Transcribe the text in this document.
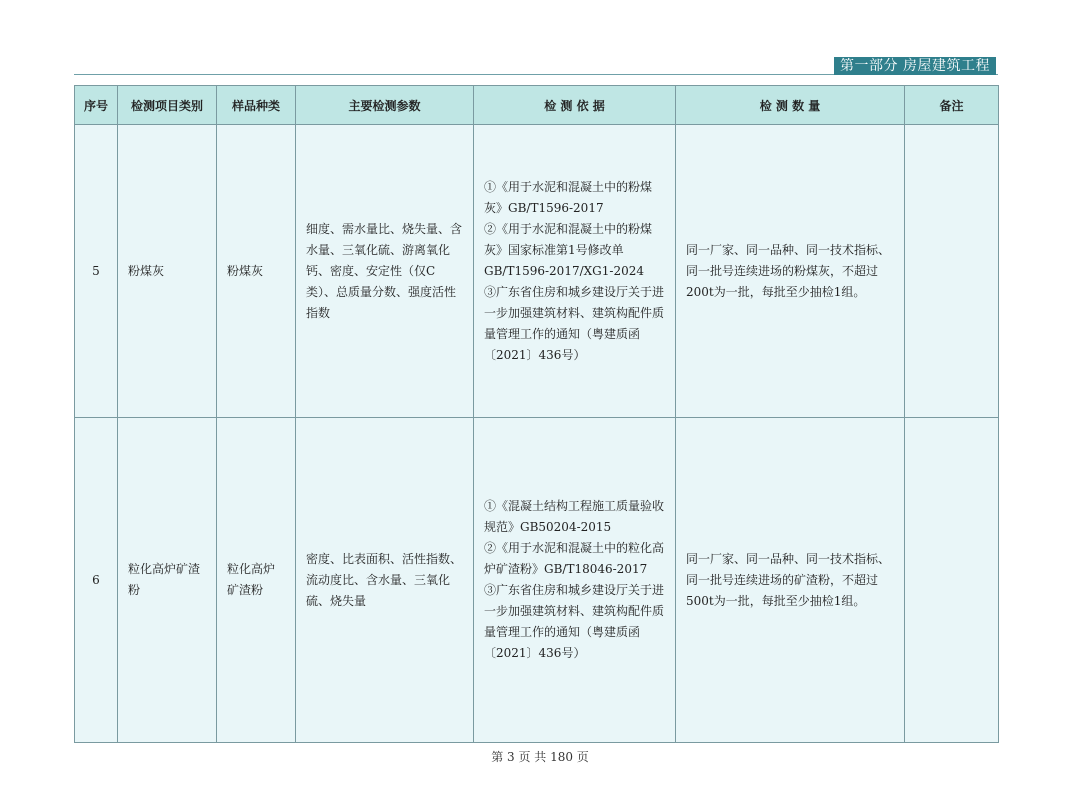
第一部分 房屋建筑工程
序号	检测项目类别	样品种类	主要检测参数	检 测 依 据	检 测 数 量	备注
5	粉煤灰	粉煤灰	细度、需水量比、烧失量、含水量、三氧化硫、游离氧化钙、密度、安定性（仅C类）、总质量分数、强度活性指数	①《用于水泥和混凝土中的粉煤灰》GB/T1596-2017
②《用于水泥和混凝土中的粉煤灰》国家标准第1号修改单GB/T1596-2017/XG1-2024
③广东省住房和城乡建设厅关于进一步加强建筑材料、建筑构配件质量管理工作的通知（粤建质函〔2021〕436号）	同一厂家、同一品种、同一技术指标、同一批号连续进场的粉煤灰，不超过200t为一批，每批至少抽检1组。	
6	粒化高炉矿渣粉	粒化高炉矿渣粉	密度、比表面积、活性指数、流动度比、含水量、三氧化硫、烧失量	①《混凝土结构工程施工质量验收规范》GB50204-2015
②《用于水泥和混凝土中的粒化高炉矿渣粉》GB/T18046-2017
③广东省住房和城乡建设厅关于进一步加强建筑材料、建筑构配件质量管理工作的通知（粤建质函〔2021〕436号）	同一厂家、同一品种、同一技术指标、同一批号连续进场的矿渣粉，不超过500t为一批，每批至少抽检1组。	
第 3 页 共 180 页
